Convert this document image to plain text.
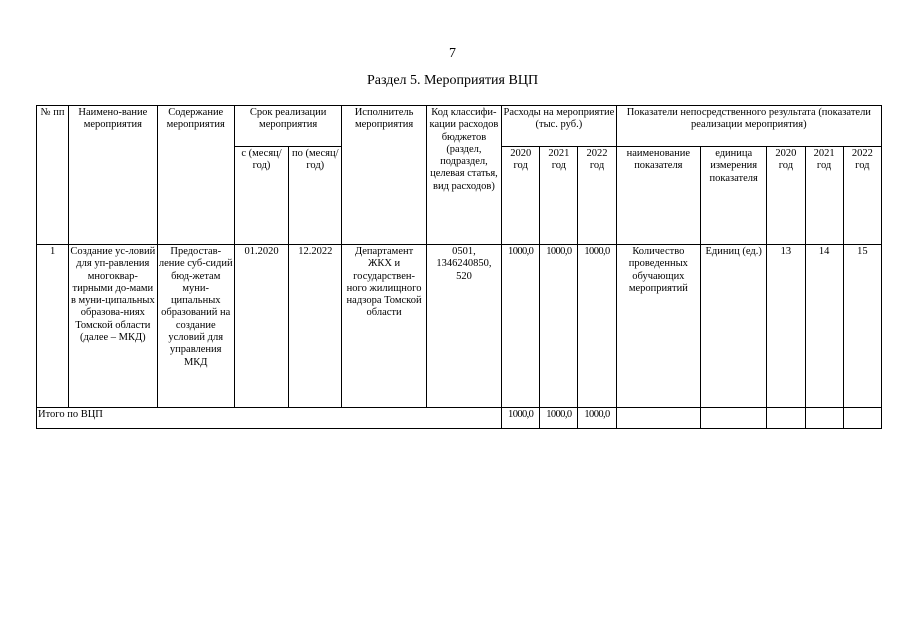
7
Раздел 5. Мероприятия ВЦП
№ пп	Наимено-вание мероприятия	Содержание мероприятия	Срок реализации мероприятия		Исполнитель мероприятия	Код классифи-кации расходов бюджетов (раздел, подраздел, целевая статья, вид расходов)	Расходы на мероприятие (тыс. руб.)			Показатели непосредственного результата (показатели реализации мероприятия)				
			с (месяц/ год)	по (месяц/ год)			2020 год	2021 год	2022 год	наименование показателя	единица измерения показателя	2020 год	2021 год	2022 год
1	Создание ус-ловий для уп-равления многоквар-тирными до-мами в муни-ципальных образова-ниях Томской области (далее – МКД)	Предостав-ление суб-сидий бюд-жетам муни-ципальных образований на создание условий для управления МКД	01.2020	12.2022	Департамент ЖКХ и государствен-ного жилищного надзора Томской области	0501, 1346240850, 520	1000,0	1000,0	1000,0	Количество проведенных обучающих мероприятий	Единиц (ед.)	13	14	15
Итого по ВЦП							1000,0	1000,0	1000,0					
